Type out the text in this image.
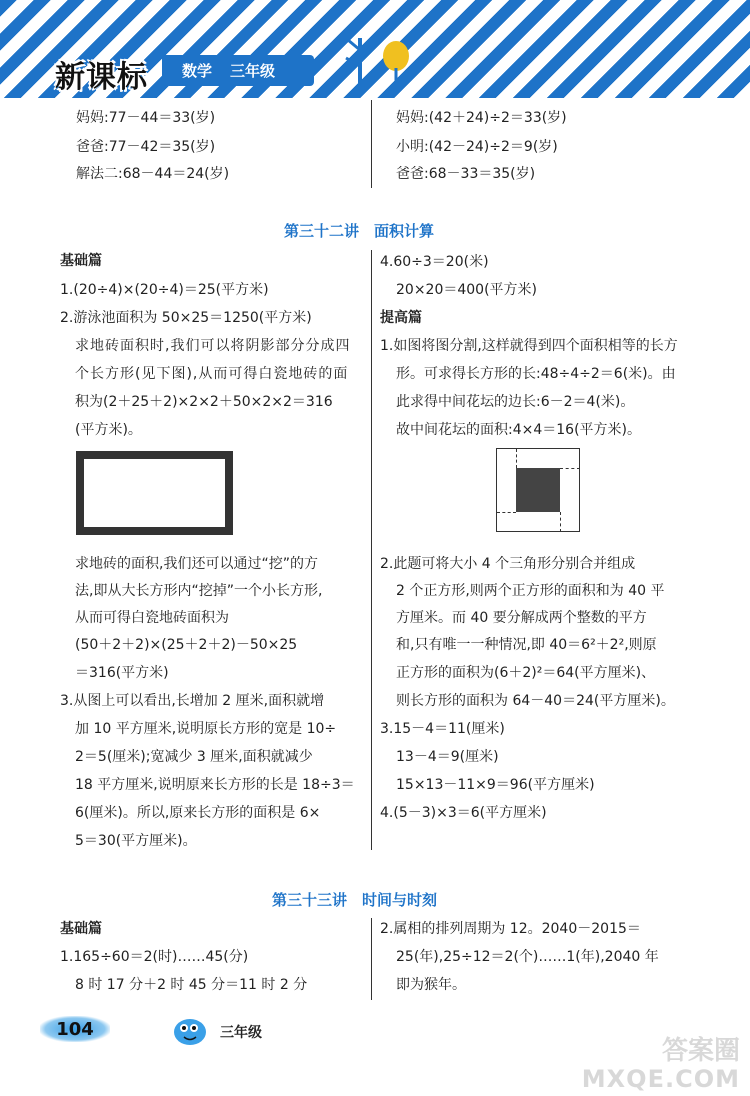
新课标 数学 三年级
妈妈:77－44＝33(岁)
爸爸:77－42＝35(岁)
解法二:68－44＝24(岁)
妈妈:(42＋24)÷2＝33(岁)
小明:(42－24)÷2＝9(岁)
爸爸:68－33＝35(岁)
第三十二讲　面积计算
基础篇
1.(20÷4)×(20÷4)＝25(平方米)
2.游泳池面积为 50×25＝1250(平方米)
求地砖面积时,我们可以将阴影部分分成四
个长方形(见下图),从而可得白瓷地砖的面
积为(2＋25＋2)×2×2＋50×2×2＝316
(平方米)。
求地砖的面积,我们还可以通过“挖”的方
法,即从大长方形内“挖掉”一个小长方形,
从而可得白瓷地砖面积为
(50＋2＋2)×(25＋2＋2)－50×25
＝316(平方米)
3.从图上可以看出,长增加 2 厘米,面积就增
加 10 平方厘米,说明原长方形的宽是 10÷
2＝5(厘米);宽减少 3 厘米,面积就减少
18 平方厘米,说明原来长方形的长是 18÷3＝
6(厘米)。所以,原来长方形的面积是 6×
5＝30(平方厘米)。
4.60÷3＝20(米)
20×20＝400(平方米)
提高篇
1.如图将图分割,这样就得到四个面积相等的长方
形。可求得长方形的长:48÷4÷2＝6(米)。由
此求得中间花坛的边长:6－2＝4(米)。
故中间花坛的面积:4×4＝16(平方米)。
2.此题可将大小 4 个三角形分别合并组成
2 个正方形,则两个正方形的面积和为 40 平
方厘米。而 40 要分解成两个整数的平方
和,只有唯一一种情况,即 40＝6²＋2²,则原
正方形的面积为(6＋2)²＝64(平方厘米)、
则长方形的面积为 64－40＝24(平方厘米)。
3.15－4＝11(厘米)
13－4＝9(厘米)
15×13－11×9＝96(平方厘米)
4.(5－3)×3＝6(平方厘米)
第三十三讲　时间与时刻
基础篇
1.165÷60＝2(时)……45(分)
8 时 17 分＋2 时 45 分＝11 时 2 分
2.属相的排列周期为 12。2040－2015＝
25(年),25÷12＝2(个)……1(年),2040 年
即为猴年。
104	三年级
答案圈
MXQE.COM
